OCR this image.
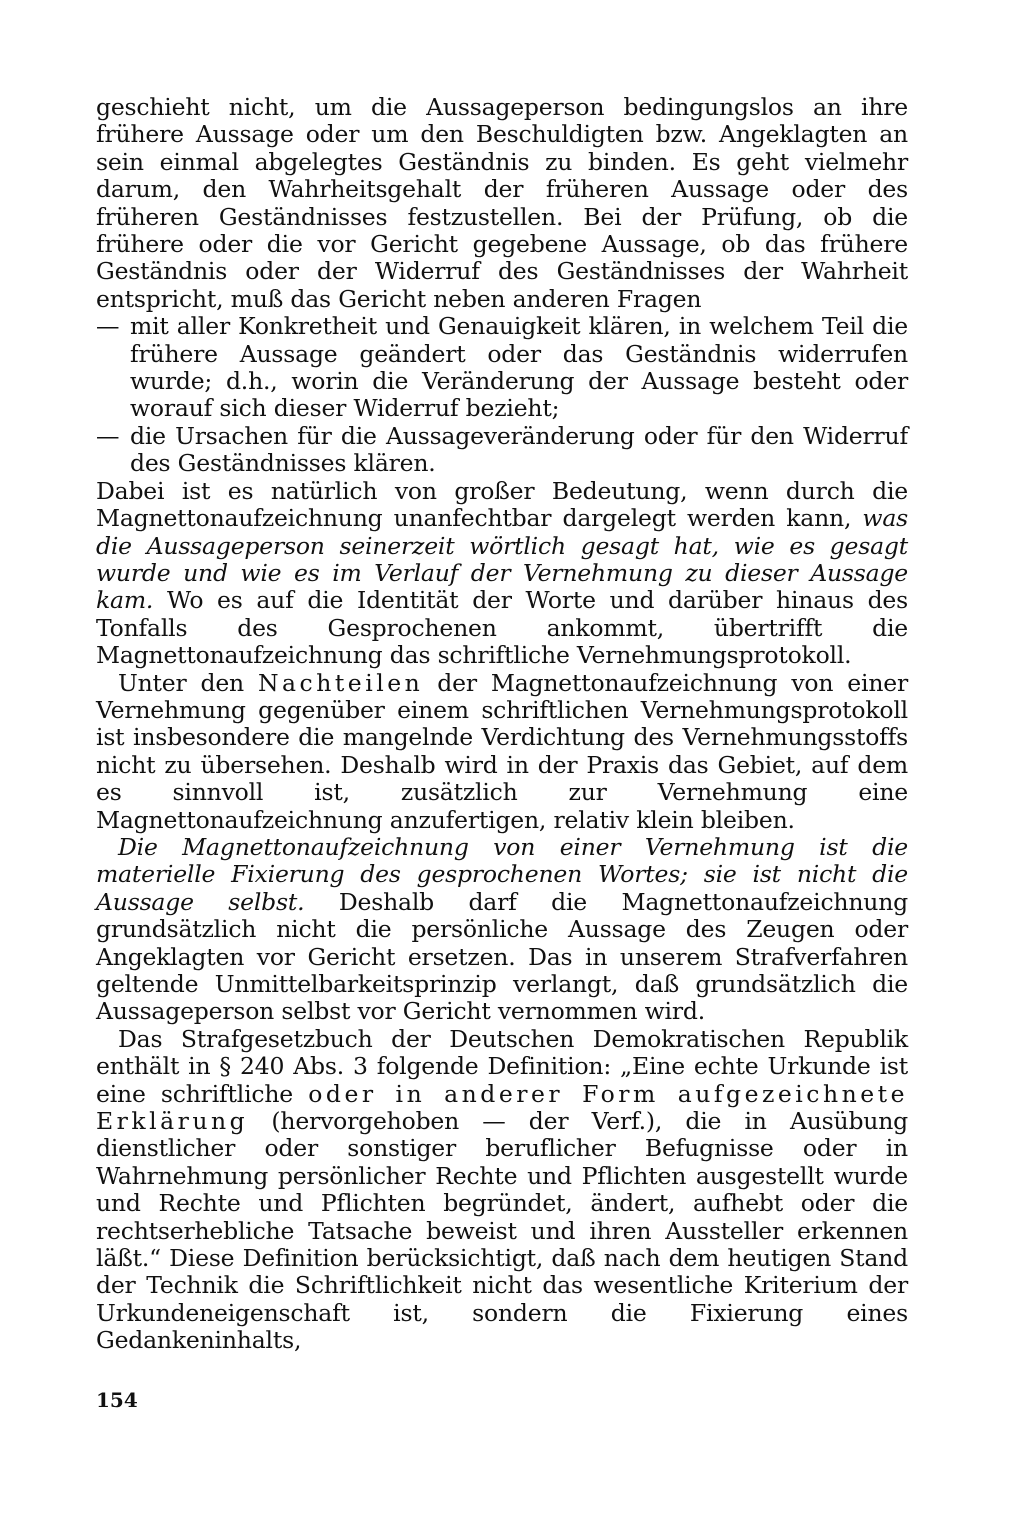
geschieht nicht, um die Aussageperson bedingungslos an ihre frühere Aussage oder um den Beschuldigten bzw. Angeklagten an sein einmal abgelegtes Geständnis zu binden. Es geht vielmehr darum, den Wahrheitsgehalt der früheren Aussage oder des früheren Geständnisses festzustellen. Bei der Prüfung, ob die frühere oder die vor Gericht gegebene Aussage, ob das frühere Geständnis oder der Widerruf des Geständnisses der Wahrheit entspricht, muß das Gericht neben anderen Fragen

— mit aller Konkretheit und Genauigkeit klären, in welchem Teil die frühere Aussage geändert oder das Geständnis widerrufen wurde; d.h., worin die Veränderung der Aussage besteht oder worauf sich dieser Widerruf bezieht;

— die Ursachen für die Aussageveränderung oder für den Widerruf des Geständnisses klären.

Dabei ist es natürlich von großer Bedeutung, wenn durch die Magnettonaufzeichnung unanfechtbar dargelegt werden kann, was die Aussageperson seinerzeit wörtlich gesagt hat, wie es gesagt wurde und wie es im Verlauf der Vernehmung zu dieser Aussage kam. Wo es auf die Identität der Worte und darüber hinaus des Tonfalls des Gesprochenen ankommt, übertrifft die Magnettonaufzeichnung das schriftliche Vernehmungsprotokoll.

Unter den Nachteilen der Magnettonaufzeichnung von einer Vernehmung gegenüber einem schriftlichen Vernehmungsprotokoll ist insbesondere die mangelnde Verdichtung des Vernehmungsstoffs nicht zu übersehen. Deshalb wird in der Praxis das Gebiet, auf dem es sinnvoll ist, zusätzlich zur Vernehmung eine Magnettonaufzeichnung anzufertigen, relativ klein bleiben.

Die Magnettonaufzeichnung von einer Vernehmung ist die materielle Fixierung des gesprochenen Wortes; sie ist nicht die Aussage selbst. Deshalb darf die Magnettonaufzeichnung grundsätzlich nicht die persönliche Aussage des Zeugen oder Angeklagten vor Gericht ersetzen. Das in unserem Strafverfahren geltende Unmittelbarkeitsprinzip verlangt, daß grundsätzlich die Aussageperson selbst vor Gericht vernommen wird.

Das Strafgesetzbuch der Deutschen Demokratischen Republik enthält in § 240 Abs. 3 folgende Definition: „Eine echte Urkunde ist eine schriftliche oder in anderer Form aufgezeichnete Erklärung (hervorgehoben — der Verf.), die in Ausübung dienstlicher oder sonstiger beruflicher Befugnisse oder in Wahrnehmung persönlicher Rechte und Pflichten ausgestellt wurde und Rechte und Pflichten begründet, ändert, aufhebt oder die rechtserhebliche Tatsache beweist und ihren Aussteller erkennen läßt.“ Diese Definition berücksichtigt, daß nach dem heutigen Stand der Technik die Schriftlichkeit nicht das wesentliche Kriterium der Urkundeneigenschaft ist, sondern die Fixierung eines Gedankeninhalts,

154
